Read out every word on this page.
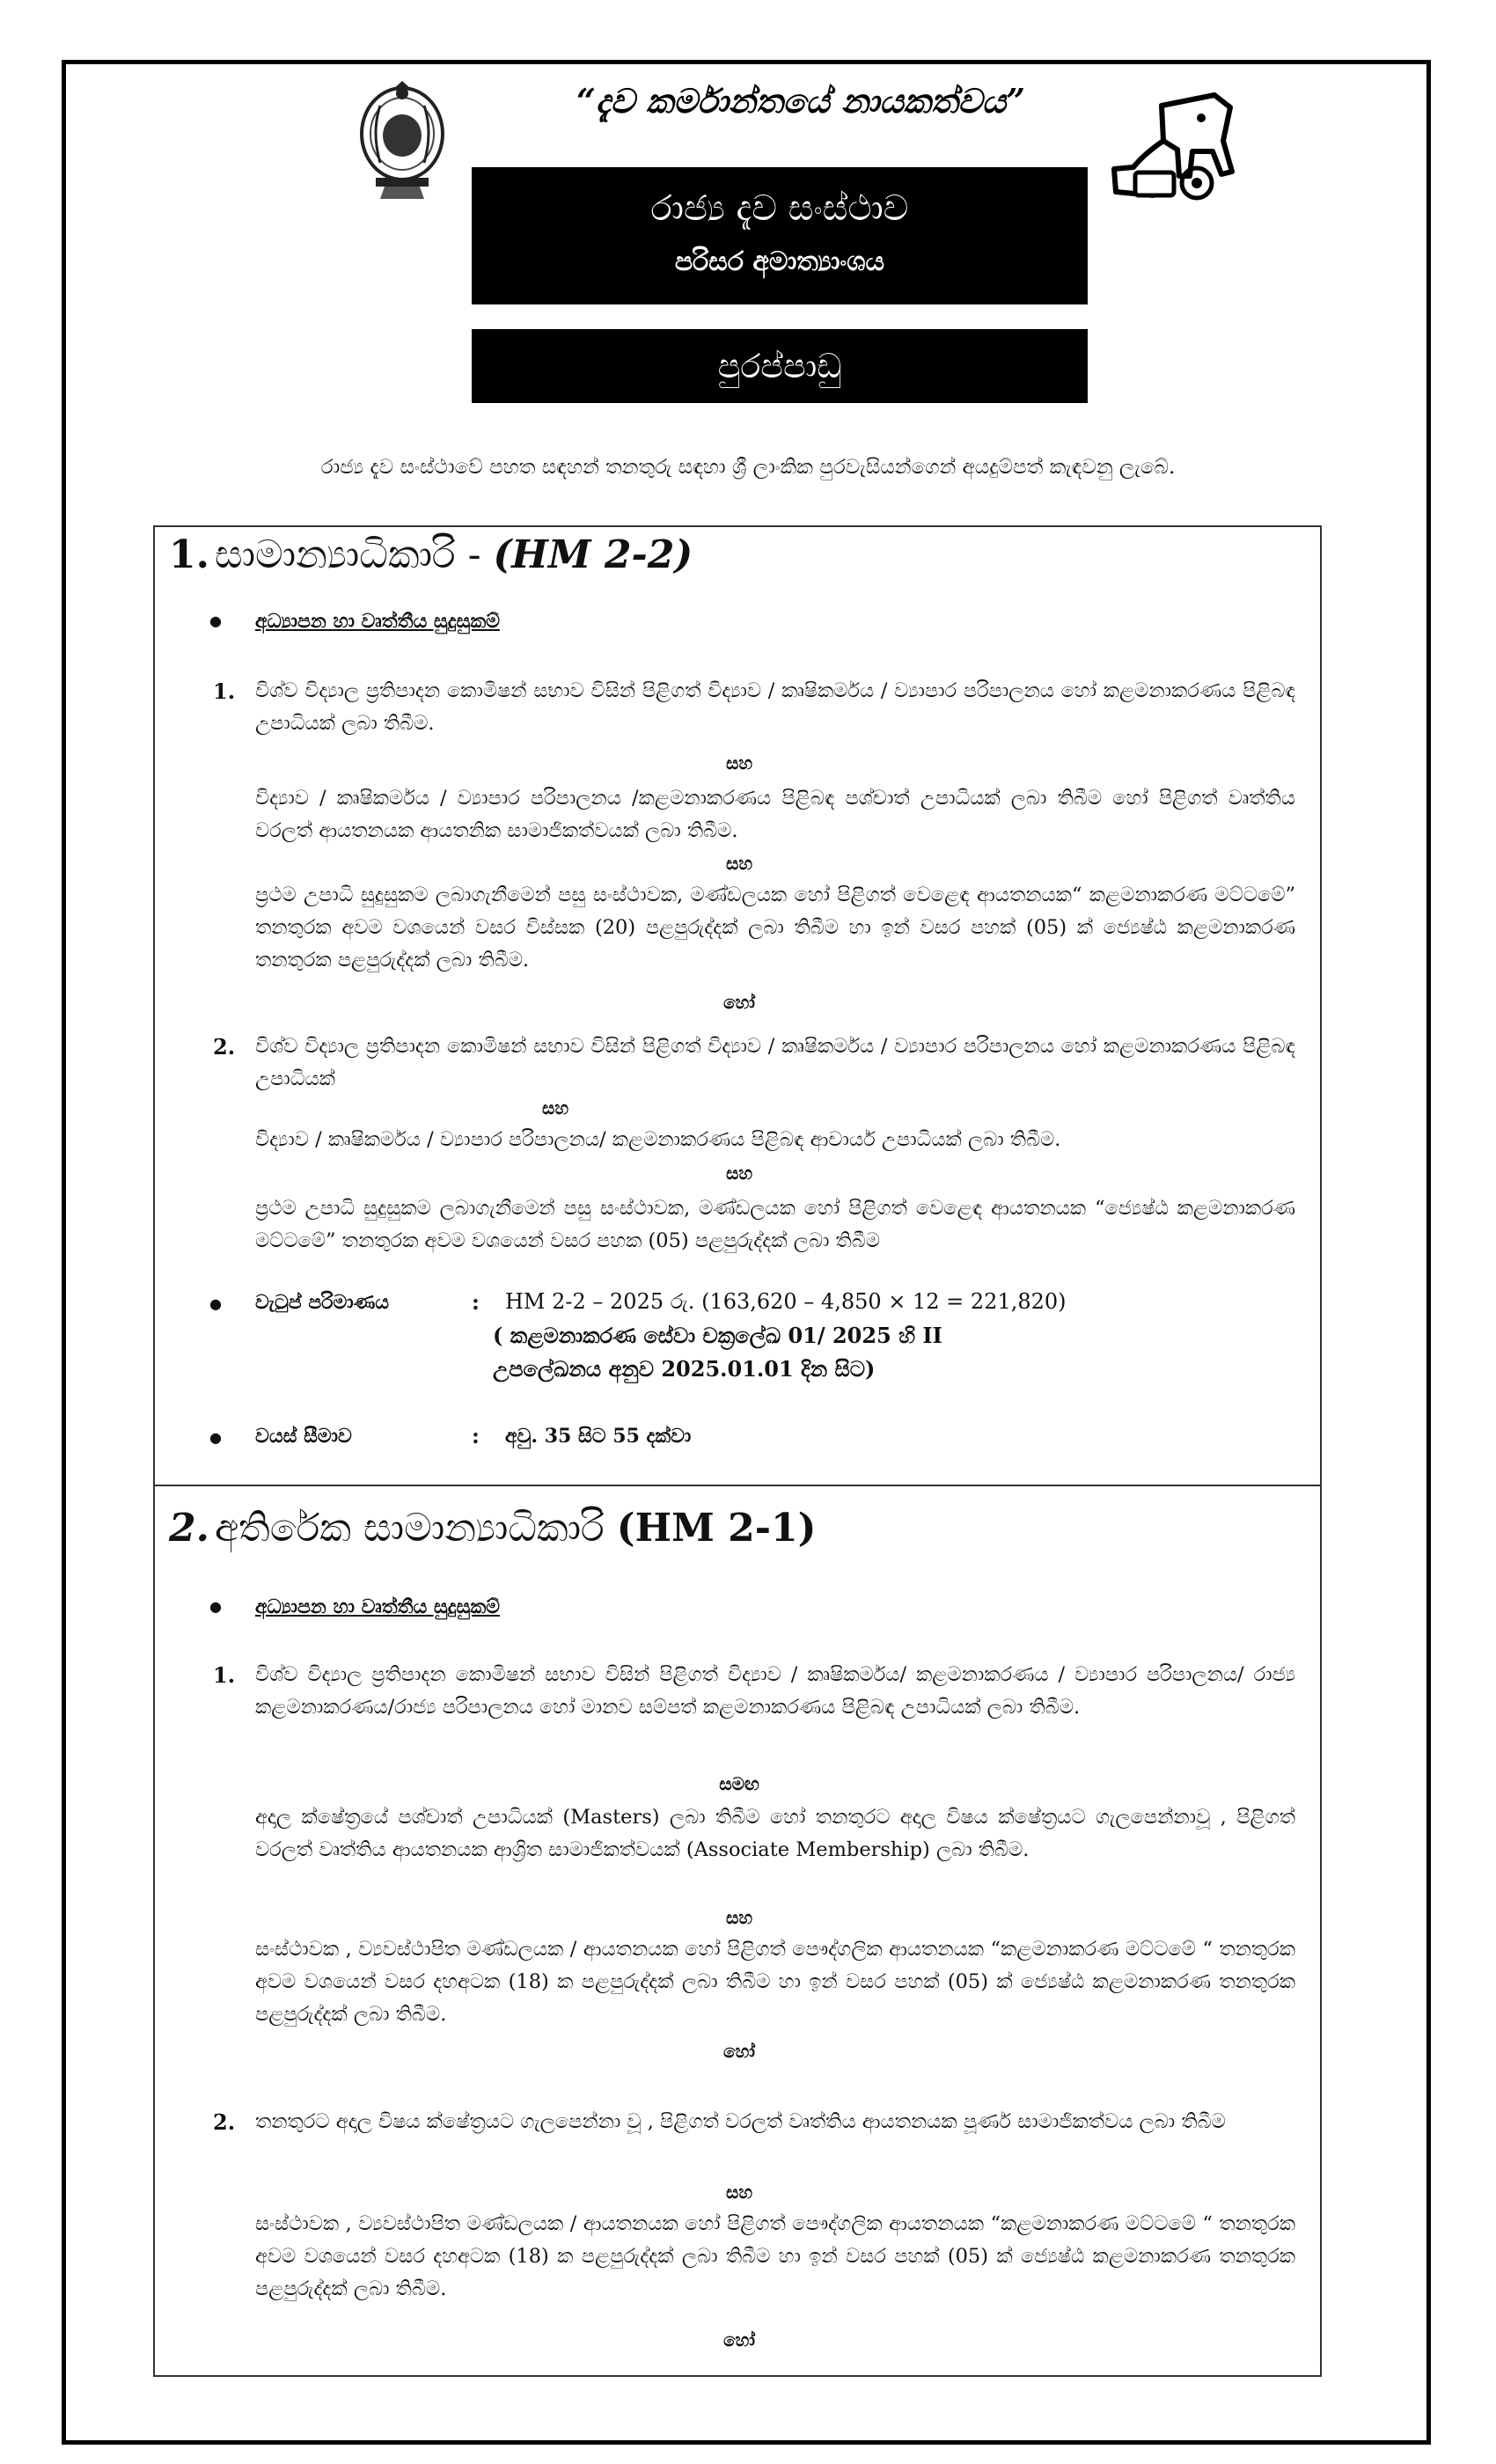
“දැව කර්මාන්තයේ නායකත්වය”
රාජ්‍ය දැව සංස්ථාව
පරිසර අමාත්‍යාංශය
පුරප්පාඩු
රාජ්‍ය දැව සංස්ථාවේ පහත සඳහන් තනතුරු සඳහා ශ්‍රී ලාංකික පුරවැසියන්ගෙන් අයදුම්පත් කැඳවනු ලැබේ.
1. සාමාන්‍යාධිකාරි - (HM 2-2)
● අධ්‍යාපන හා වෘත්තීය සුදුසුකම්
1. විශ්ව විද්‍යාල ප්‍රතිපාදන කොමිෂන් සභාව විසින් පිළිගත් විද්‍යාව / කෘෂිකර්මය / ව්‍යාපාර පරිපාලනය හෝ කළමනාකරණය පිළිබඳ උපාධියක් ලබා තිබීම.
සහ
විද්‍යාව / කෘෂිකර්මය / ව්‍යාපාර පරිපාලනය /කළමනාකරණය පිළිබඳ පශ්චාත් උපාධියක් ලබා තිබීම හෝ පිළිගත් වෘත්තිය වරලත් ආයතනයක ආයතනික සාමාජිකත්වයක් ලබා තිබීම.
සහ
ප්‍රථම උපාධි සුදුසුකම ලබාගැනීමෙන් පසු සංස්ථාවක, මණ්ඩලයක හෝ පිළිගත් වෙළෙඳ ආයතනයක“ කළමනාකරණ මට්ටමේ” තනතුරක අවම වශයෙන් වසර විස්සක (20) පළපුරුද්දක් ලබා තිබීම හා ඉන් වසර පහක් (05) ක් ජ්‍යෙෂ්ඨ කළමනාකරණ තනතුරක පළපුරුද්දක් ලබා තිබීම.
හෝ
2. විශ්ව විද්‍යාල ප්‍රතිපාදන කොමිෂන් සභාව විසින් පිළිගත් විද්‍යාව / කෘෂිකර්මය / ව්‍යාපාර පරිපාලනය හෝ කළමනාකරණය පිළිබඳ උපාධියක්
සහ
විද්‍යාව / කෘෂිකර්මය / ව්‍යාපාර පරිපාලනය/ කළමනාකරණය පිළිබඳ ආචාර්ය උපාධියක් ලබා තිබීම.
සහ
ප්‍රථම උපාධි සුදුසුකම ලබාගැනීමෙන් පසු සංස්ථාවක, මණ්ඩලයක හෝ පිළිගත් වෙළෙඳ ආයතනයක “ජ්‍යෙෂ්ඨ කළමනාකරණ මට්ටමේ” තනතුරක අවම වශයෙන් වසර පහක (05) පළපුරුද්දක් ලබා තිබීම
●
වැටුප් පරිමාණය	: HM 2-2 – 2025 රු. (163,620 – 4,850 × 12 = 221,820)
( කළමනාකරණ සේවා චක්‍රලේඛ 01/ 2025 හි II උපලේඛනය අනුව 2025.01.01 දින සිට)
●
වයස් සීමාව	: අවු. 35 සිට 55 දක්වා
2. අතිරේක සාමාන්‍යාධිකාරි (HM 2-1)
● අධ්‍යාපන හා වෘත්තීය සුදුසුකම්
1. විශ්ව විද්‍යාල ප්‍රතිපාදන කොමිෂන් සභාව විසින් පිළිගත් විද්‍යාව / කෘෂිකර්මය/ කළමනාකරණය / ව්‍යාපාර පරිපාලනය/ රාජ්‍ය කළමනාකරණය/රාජ්‍ය පරිපාලනය හෝ මානව සම්පත් කළමනාකරණය පිළිබඳ උපාධියක් ලබා තිබීම.
සමඟ
අදාල ක්ෂේත්‍රයේ පශ්චාත් උපාධියක් (Masters) ලබා තිබීම හෝ තනතුරට අදාල විෂය ක්ෂේත්‍රයට ගැලපෙන්නාවූ , පිළිගත් වරලත් වෘත්තිය ආයතනයක ආශ්‍රිත සාමාජිකත්වයක් (Associate Membership) ලබා තිබීම.
සහ
සංස්ථාවක , ව්‍යවස්ථාපිත මණ්ඩලයක / ආයතනයක හෝ පිළිගත් පෞද්ගලික ආයතනයක “කළමනාකරණ මට්ටමේ “ තනතුරක අවම වශයෙන් වසර දහඅටක (18) ක පළපුරුද්දක් ලබා තිබීම හා ඉන් වසර පහක් (05) ක් ජ්‍යෙෂ්ඨ කළමනාකරණ තනතුරක පළපුරුද්දක් ලබා තිබීම.
හෝ
2. තනතුරට අදාල විෂය ක්ෂේත්‍රයට ගැලපෙන්නා වූ , පිළිගත් වරලත් වෘත්තිය ආයතනයක පූර්ණ සාමාජිකත්වය ලබා තිබීම
සහ
සංස්ථාවක , ව්‍යවස්ථාපිත මණ්ඩලයක / ආයතනයක හෝ පිළිගත් පෞද්ගලික ආයතනයක “කළමනාකරණ මට්ටමේ “ තනතුරක අවම වශයෙන් වසර දහඅටක (18) ක පළපුරුද්දක් ලබා තිබීම හා ඉන් වසර පහක් (05) ක් ජ්‍යෙෂ්ඨ කළමනාකරණ තනතුරක පළපුරුද්දක් ලබා තිබීම.
හෝ
